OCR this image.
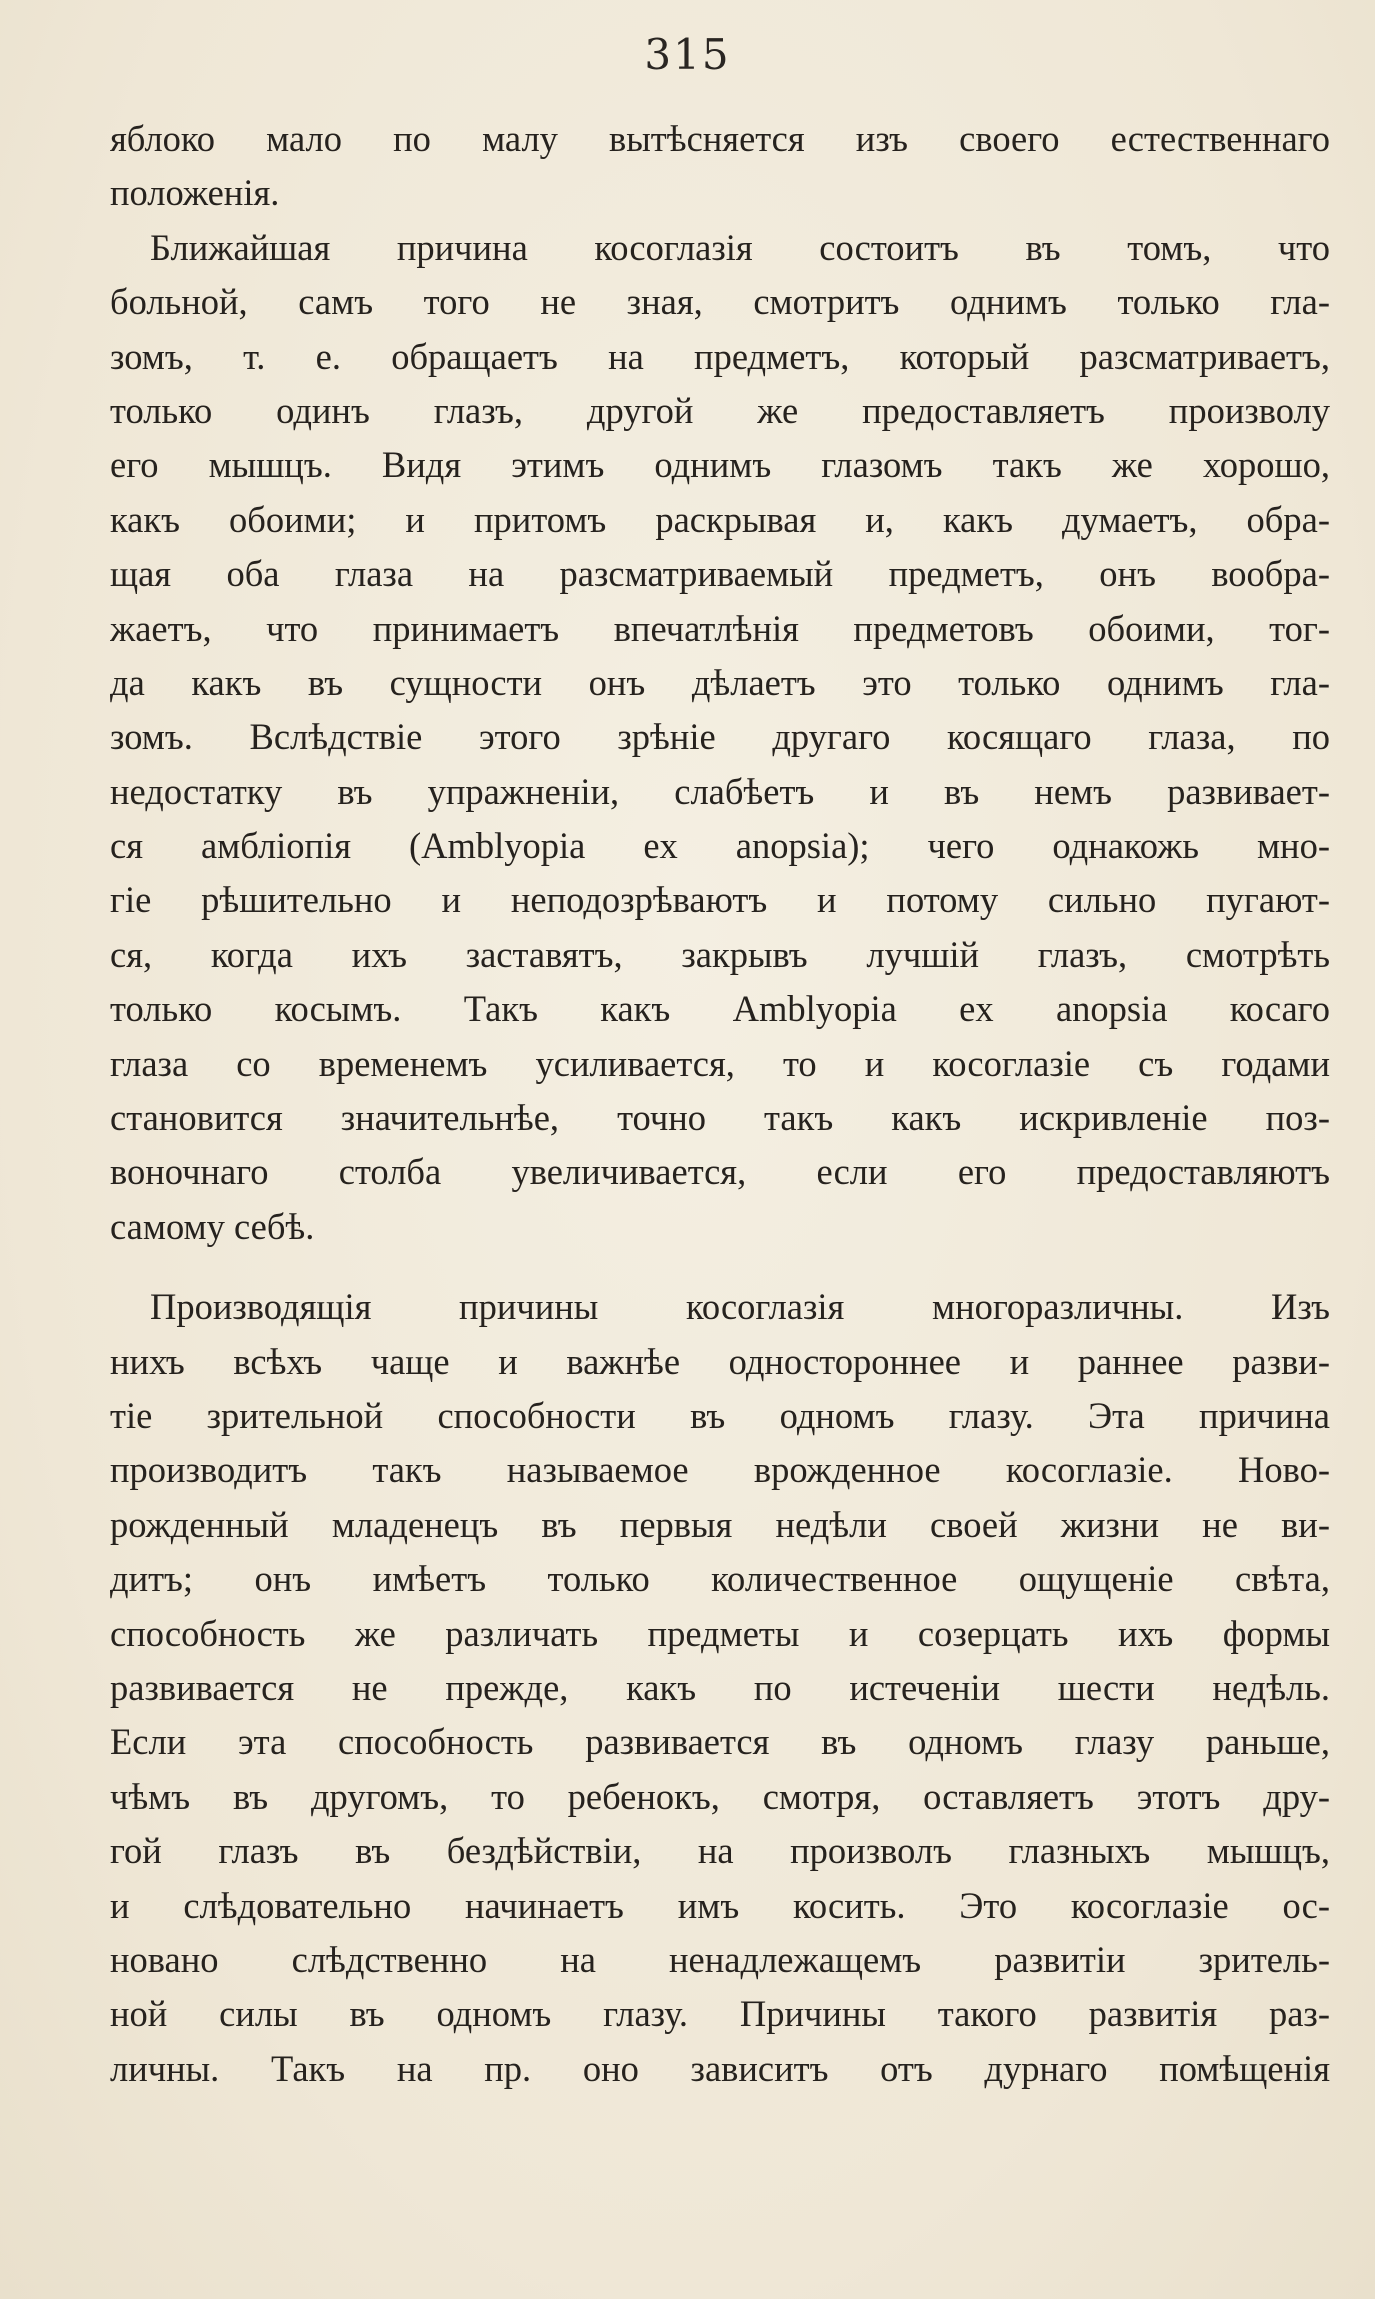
315
яблоко мало по малу вытѣсняется изъ своего естественнаго
положенія.
Ближайшая причина косоглазія состоитъ въ томъ, что
больной, самъ того не зная, смотритъ однимъ только гла-
зомъ, т. е. обращаетъ на предметъ, который разсматриваетъ,
только одинъ глазъ, другой же предоставляетъ произволу
его мышцъ. Видя этимъ однимъ глазомъ такъ же хорошо,
какъ обоими; и притомъ раскрывая и, какъ думаетъ, обра-
щая оба глаза на разсматриваемый предметъ, онъ вообра-
жаетъ, что принимаетъ впечатлѣнія предметовъ обоими, тог-
да какъ въ сущности онъ дѣлаетъ это только однимъ гла-
зомъ. Вслѣдствіе этого зрѣніе другаго косящаго глаза, по
недостатку въ упражненіи, слабѣетъ и въ немъ развивает-
ся амбліопія (Amblyopia ex anopsia); чего однакожь мно-
гіе рѣшительно и неподозрѣваютъ и потому сильно пугают-
ся, когда ихъ заставятъ, закрывъ лучшій глазъ, смотрѣть
только косымъ. Такъ какъ Amblyopia ex anopsia косаго
глаза со временемъ усиливается, то и косоглазіе съ годами
становится значительнѣе, точно такъ какъ искривленіе поз-
воночнаго столба увеличивается, если его предоставляютъ
самому себѣ.
Производящія причины косоглазія многоразличны. Изъ
нихъ всѣхъ чаще и важнѣе одностороннее и раннее разви-
тіе зрительной способности въ одномъ глазу. Эта причина
производитъ такъ называемое врожденное косоглазіе. Ново-
рожденный младенецъ въ первыя недѣли своей жизни не ви-
дитъ; онъ имѣетъ только количественное ощущеніе свѣта,
способность же различать предметы и созерцать ихъ формы
развивается не прежде, какъ по истеченіи шести недѣль.
Если эта способность развивается въ одномъ глазу раньше,
чѣмъ въ другомъ, то ребенокъ, смотря, оставляетъ этотъ дру-
гой глазъ въ бездѣйствіи, на произволъ глазныхъ мышцъ,
и слѣдовательно начинаетъ имъ косить. Это косоглазіе ос-
новано слѣдственно на ненадлежащемъ развитіи зритель-
ной силы въ одномъ глазу. Причины такого развитія раз-
личны. Такъ на пр. оно зависитъ отъ дурнаго помѣщенія
